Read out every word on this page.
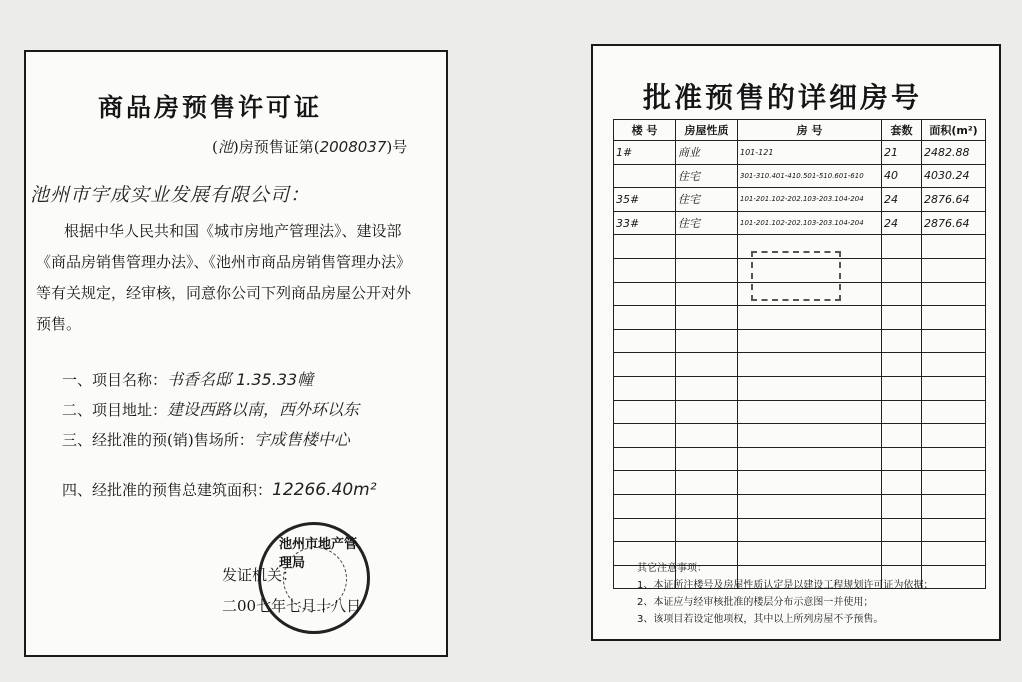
商品房预售许可证
(池)房预售证第(2008037)号
池州市宇成实业发展有限公司：
根据中华人民共和国《城市房地产管理法》、建设部
《商品房销售管理办法》、《池州市商品房销售管理办法》
等有关规定，经审核，同意你公司下列商品房屋公开对外
预售。
一、项目名称：书香名邸 1.35.33幢
二、项目地址：建设西路以南，西外环以东
三、经批准的预(销)售场所：宇成售楼中心
四、经批准的预售总建筑面积：12266.40m²
池州市地产管理局
发证机关：
二00七年七月十八日
批准预售的详细房号
楼 号	房屋性质	房 号	套数	面积(m²)
1#	商业	101-121	21	2482.88
	住宅	301-310.401-410.501-510.601-610	40	4030.24
35#	住宅	101-201.102-202.103-203.104-204	24	2876.64
33#	住宅	101-201.102-202.103-203.104-204	24	2876.64

其它注意事项：
1、本证所注楼号及房屋性质认定是以建设工程规划许可证为依据；
2、本证应与经审核批准的楼层分布示意图一并使用；
3、该项目若设定他项权，其中以上所列房屋不予预售。
